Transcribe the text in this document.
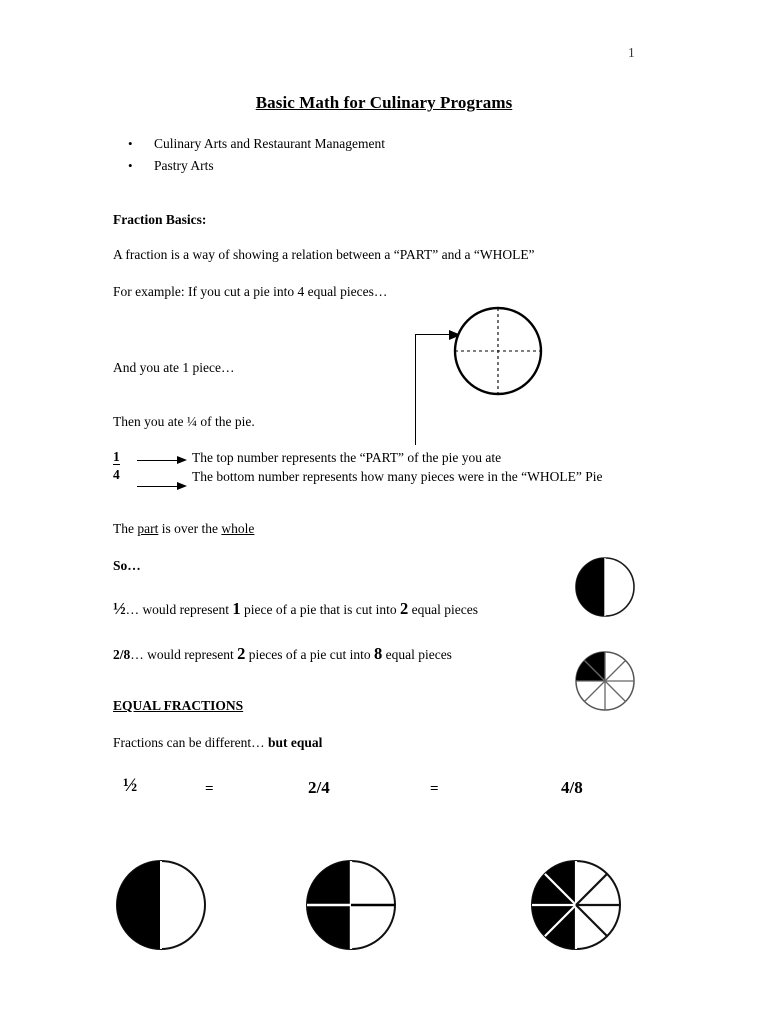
1
Basic Math for Culinary Programs
•	Culinary Arts and Restaurant Management
•	Pastry Arts
Fraction Basics:
A fraction is a way of showing a relation between a “PART” and a “WHOLE”
For example: If you cut a pie into 4 equal pieces…
And you ate 1 piece…
Then you ate ¼ of the pie.
1
4
The top number represents the “PART” of the pie you ate
The bottom number represents how many pieces were in the “WHOLE” Pie
The part is over the whole
So…
½… would represent 1 piece of a pie that is cut into 2 equal pieces
2/8… would represent 2 pieces of a pie cut into 8 equal pieces
EQUAL FRACTIONS
Fractions can be different… but equal
½	=	2/4	=	4/8
